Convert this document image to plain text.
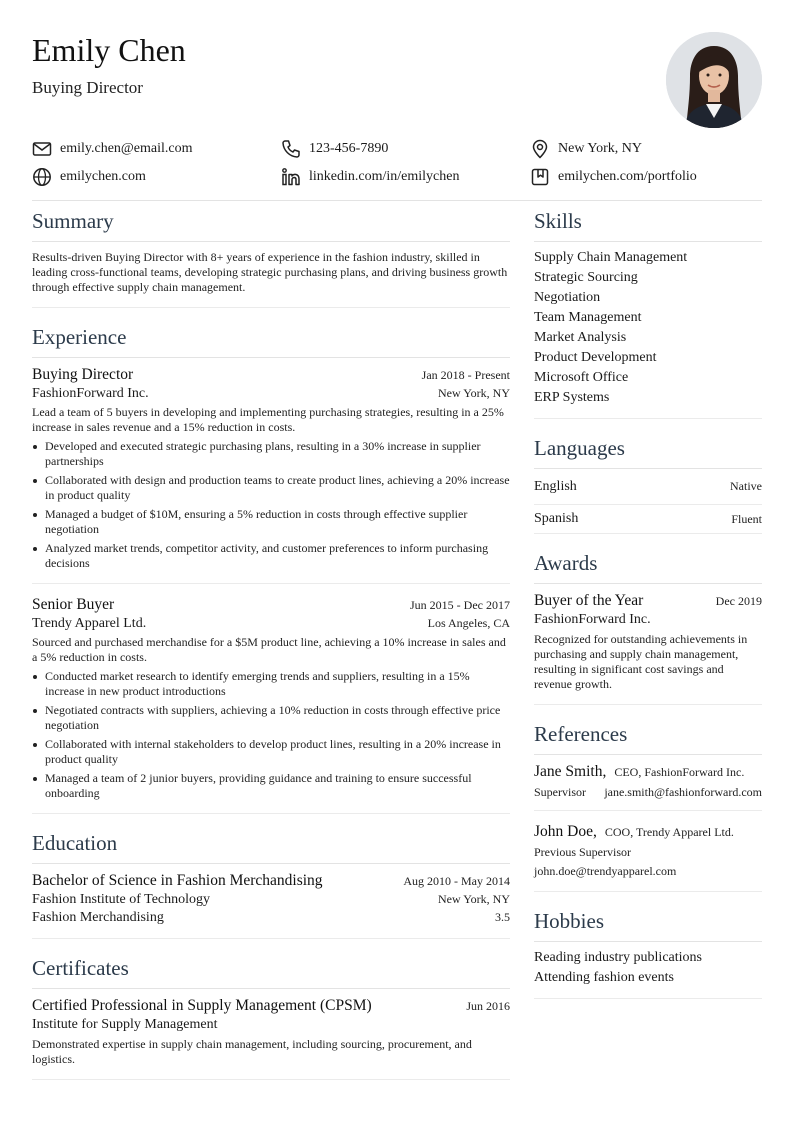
Emily Chen
Buying Director
emily.chen@email.com	123-456-7890	New York, NY
emilychen.com	linkedin.com/in/emilychen	emilychen.com/portfolio
Summary
Results-driven Buying Director with 8+ years of experience in the fashion industry, skilled in leading cross-functional teams, developing strategic purchasing plans, and driving business growth through effective supply chain management.
Experience
Buying Director	Jan 2018 - Present
FashionForward Inc.	New York, NY
Lead a team of 5 buyers in developing and implementing purchasing strategies, resulting in a 25% increase in sales revenue and a 15% reduction in costs.
Developed and executed strategic purchasing plans, resulting in a 30% increase in supplier partnerships
Collaborated with design and production teams to create product lines, achieving a 20% increase in product quality
Managed a budget of $10M, ensuring a 5% reduction in costs through effective supplier negotiation
Analyzed market trends, competitor activity, and customer preferences to inform purchasing decisions
Senior Buyer	Jun 2015 - Dec 2017
Trendy Apparel Ltd.	Los Angeles, CA
Sourced and purchased merchandise for a $5M product line, achieving a 10% increase in sales and a 5% reduction in costs.
Conducted market research to identify emerging trends and suppliers, resulting in a 15% increase in new product introductions
Negotiated contracts with suppliers, achieving a 10% reduction in costs through effective price negotiation
Collaborated with internal stakeholders to develop product lines, resulting in a 20% increase in product quality
Managed a team of 2 junior buyers, providing guidance and training to ensure successful onboarding
Education
Bachelor of Science in Fashion Merchandising	Aug 2010 - May 2014
Fashion Institute of Technology	New York, NY
Fashion Merchandising	3.5
Certificates
Certified Professional in Supply Management (CPSM)	Jun 2016
Institute for Supply Management
Demonstrated expertise in supply chain management, including sourcing, procurement, and logistics.
Skills
Supply Chain Management
Strategic Sourcing
Negotiation
Team Management
Market Analysis
Product Development
Microsoft Office
ERP Systems
Languages
English	Native
Spanish	Fluent
Awards
Buyer of the Year	Dec 2019
FashionForward Inc.
Recognized for outstanding achievements in purchasing and supply chain management, resulting in significant cost savings and revenue growth.
References
Jane Smith, CEO, FashionForward Inc.
Supervisor jane.smith@fashionforward.com
John Doe, COO, Trendy Apparel Ltd.
Previous Supervisor
john.doe@trendyapparel.com
Hobbies
Reading industry publications
Attending fashion events
